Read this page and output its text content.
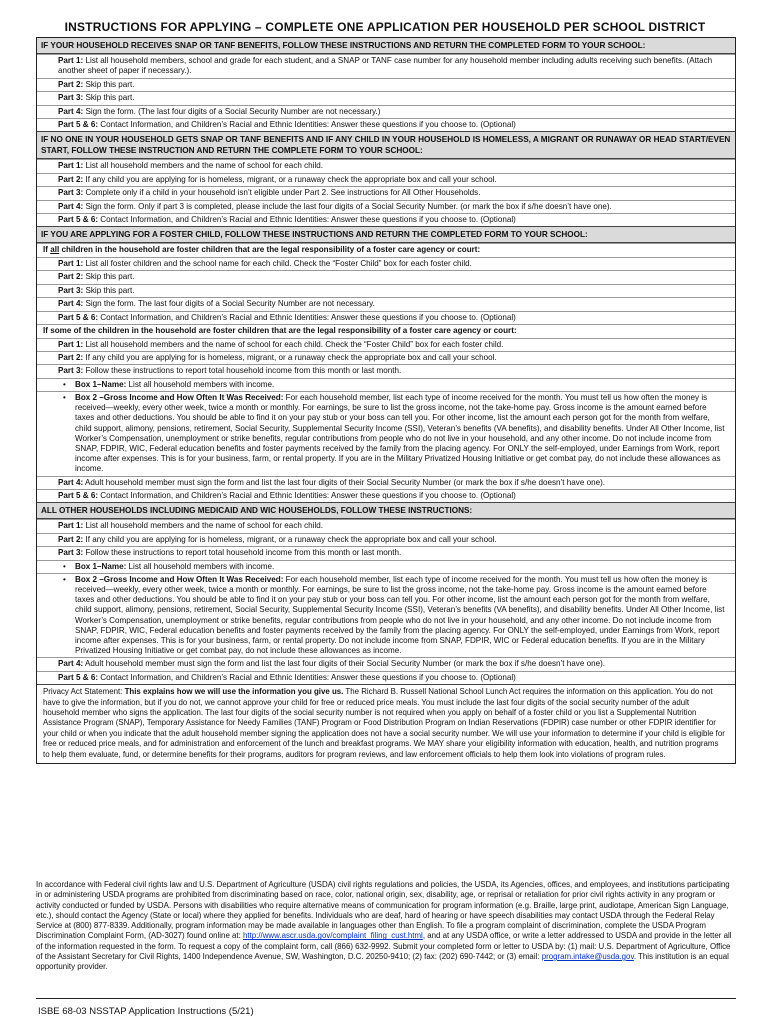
INSTRUCTIONS FOR APPLYING – COMPLETE ONE APPLICATION PER HOUSEHOLD PER SCHOOL DISTRICT
IF YOUR HOUSEHOLD RECEIVES SNAP OR TANF BENEFITS, FOLLOW THESE INSTRUCTIONS AND RETURN THE COMPLETED FORM TO YOUR SCHOOL:
Part 1: List all household members, school and grade for each student, and a SNAP or TANF case number for any household member including adults receiving such benefits. (Attach another sheet of paper if necessary.).
Part 2: Skip this part.
Part 3: Skip this part.
Part 4: Sign the form. (The last four digits of a Social Security Number are not necessary.)
Part 5 & 6: Contact Information, and Children’s Racial and Ethnic Identities: Answer these questions if you choose to. (Optional)
IF NO ONE IN YOUR HOUSEHOLD GETS SNAP OR TANF BENEFITS AND IF ANY CHILD IN YOUR HOUSEHOLD IS HOMELESS, A MIGRANT OR RUNAWAY OR HEAD START/EVEN START, FOLLOW THESE INSTRUCTION AND RETURN THE COMPLETE FORM TO YOUR SCHOOL:
Part 1: List all household members and the name of school for each child.
Part 2: If any child you are applying for is homeless, migrant, or a runaway check the appropriate box and call your school.
Part 3: Complete only if a child in your household isn’t eligible under Part 2. See instructions for All Other Households.
Part 4: Sign the form. Only if part 3 is completed, please include the last four digits of a Social Security Number. (or mark the box if s/he doesn’t have one).
Part 5 & 6: Contact Information, and Children’s Racial and Ethnic Identities: Answer these questions if you choose to. (Optional)
IF YOU ARE APPLYING FOR A FOSTER CHILD, FOLLOW THESE INSTRUCTIONS AND RETURN THE COMPLETED FORM TO YOUR SCHOOL:
If all children in the household are foster children that are the legal responsibility of a foster care agency or court:
Part 1: List all foster children and the school name for each child. Check the “Foster Child” box for each foster child.
Part 2: Skip this part.
Part 3: Skip this part.
Part 4: Sign the form. The last four digits of a Social Security Number are not necessary.
Part 5 & 6: Contact Information, and Children’s Racial and Ethnic Identities: Answer these questions if you choose to. (Optional)
If some of the children in the household are foster children that are the legal responsibility of a foster care agency or court:
Part 1: List all household members and the name of school for each child. Check the “Foster Child” box for each foster child.
Part 2: If any child you are applying for is homeless, migrant, or a runaway check the appropriate box and call your school.
Part 3: Follow these instructions to report total household income from this month or last month.
• Box 1–Name: List all household members with income.
• Box 2 –Gross Income and How Often It Was Received: For each household member, list each type of income received for the month. You must tell us how often the money is received—weekly, every other week, twice a month or monthly. For earnings, be sure to list the gross income, not the take-home pay. Gross income is the amount earned before taxes and other deductions. You should be able to find it on your pay stub or your boss can tell you. For other income, list the amount each person got for the month from welfare, child support, alimony, pensions, retirement, Social Security, Supplemental Security Income (SSI), Veteran’s benefits (VA benefits), and disability benefits. Under All Other Income, list Worker’s Compensation, unemployment or strike benefits, regular contributions from people who do not live in your household, and any other income. Do not include income from SNAP, FDPIR, WIC, Federal education benefits and foster payments received by the family from the placing agency. For ONLY the self-employed, under Earnings from Work, report income after expenses. This is for your business, farm, or rental property. If you are in the Military Privatized Housing Initiative or get combat pay, do not include these allowances as income.
Part 4: Adult household member must sign the form and list the last four digits of their Social Security Number (or mark the box if s/he doesn’t have one).
Part 5 & 6: Contact Information, and Children’s Racial and Ethnic Identities: Answer these questions if you choose to. (Optional)
ALL OTHER HOUSEHOLDS INCLUDING MEDICAID AND WIC HOUSEHOLDS, FOLLOW THESE INSTRUCTIONS:
Part 1: List all household members and the name of school for each child.
Part 2: If any child you are applying for is homeless, migrant, or a runaway check the appropriate box and call your school.
Part 3: Follow these instructions to report total household income from this month or last month.
• Box 1–Name: List all household members with income.
• Box 2 –Gross Income and How Often It Was Received: For each household member, list each type of income received for the month. You must tell us how often the money is received—weekly, every other week, twice a month or monthly. For earnings, be sure to list the gross income, not the take-home pay. Gross income is the amount earned before taxes and other deductions. You should be able to find it on your pay stub or your boss can tell you. For other income, list the amount each person got for the month from welfare, child support, alimony, pensions, retirement, Social Security, Supplemental Security Income (SSI), Veteran’s benefits (VA benefits), and disability benefits. Under All Other Income, list Worker’s Compensation, unemployment or strike benefits, regular contributions from people who do not live in your household, and any other income. Do not include income from SNAP, FDPIR, WIC, Federal education benefits and foster payments received by the family from the placing agency. For ONLY the self-employed, under Earnings from Work, report income after expenses. This is for your business, farm, or rental property. Do not include income from SNAP, FDPIR, WIC or Federal education benefits. If you are in the Military Privatized Housing Initiative or get combat pay, do not include these allowances as income.
Part 4: Adult household member must sign the form and list the last four digits of their Social Security Number (or mark the box if s/he doesn’t have one).
Part 5 & 6: Contact Information, and Children’s Racial and Ethnic Identities: Answer these questions if you choose to. (Optional)
Privacy Act Statement: This explains how we will use the information you give us. The Richard B. Russell National School Lunch Act requires the information on this application. You do not have to give the information, but if you do not, we cannot approve your child for free or reduced price meals. You must include the last four digits of the social security number of the adult household member who signs the application. The last four digits of the social security number is not required when you apply on behalf of a foster child or you list a Supplemental Nutrition Assistance Program (SNAP), Temporary Assistance for Needy Families (TANF) Program or Food Distribution Program on Indian Reservations (FDPIR) case number or other FDPIR identifier for your child or when you indicate that the adult household member signing the application does not have a social security number. We will use your information to determine if your child is eligible for free or reduced price meals, and for administration and enforcement of the lunch and breakfast programs. We MAY share your eligibility information with education, health, and nutrition programs to help them evaluate, fund, or determine benefits for their programs, auditors for program reviews, and law enforcement officials to help them look into violations of program rules.
In accordance with Federal civil rights law and U.S. Department of Agriculture (USDA) civil rights regulations and policies, the USDA, its Agencies, offices, and employees, and institutions participating in or administering USDA programs are prohibited from discriminating based on race, color, national origin, sex, disability, age, or reprisal or retaliation for prior civil rights activity in any program or activity conducted or funded by USDA. Persons with disabilities who require alternative means of communication for program information (e.g. Braille, large print, audiotape, American Sign Language, etc.), should contact the Agency (State or local) where they applied for benefits. Individuals who are deaf, hard of hearing or have speech disabilities may contact USDA through the Federal Relay Service at (800) 877-8339. Additionally, program information may be made available in languages other than English. To file a program complaint of discrimination, complete the USDA Program Discrimination Complaint Form, (AD-3027) found online at: http://www.ascr.usda.gov/complaint_filing_cust.html, and at any USDA office, or write a letter addressed to USDA and provide in the letter all of the information requested in the form. To request a copy of the complaint form, call (866) 632-9992. Submit your completed form or letter to USDA by: (1) mail: U.S. Department of Agriculture, Office of the Assistant Secretary for Civil Rights, 1400 Independence Avenue, SW, Washington, D.C. 20250-9410; (2) fax: (202) 690-7442; or (3) email: program.intake@usda.gov. This institution is an equal opportunity provider.
ISBE 68-03 NSSTAP Application Instructions (5/21)
